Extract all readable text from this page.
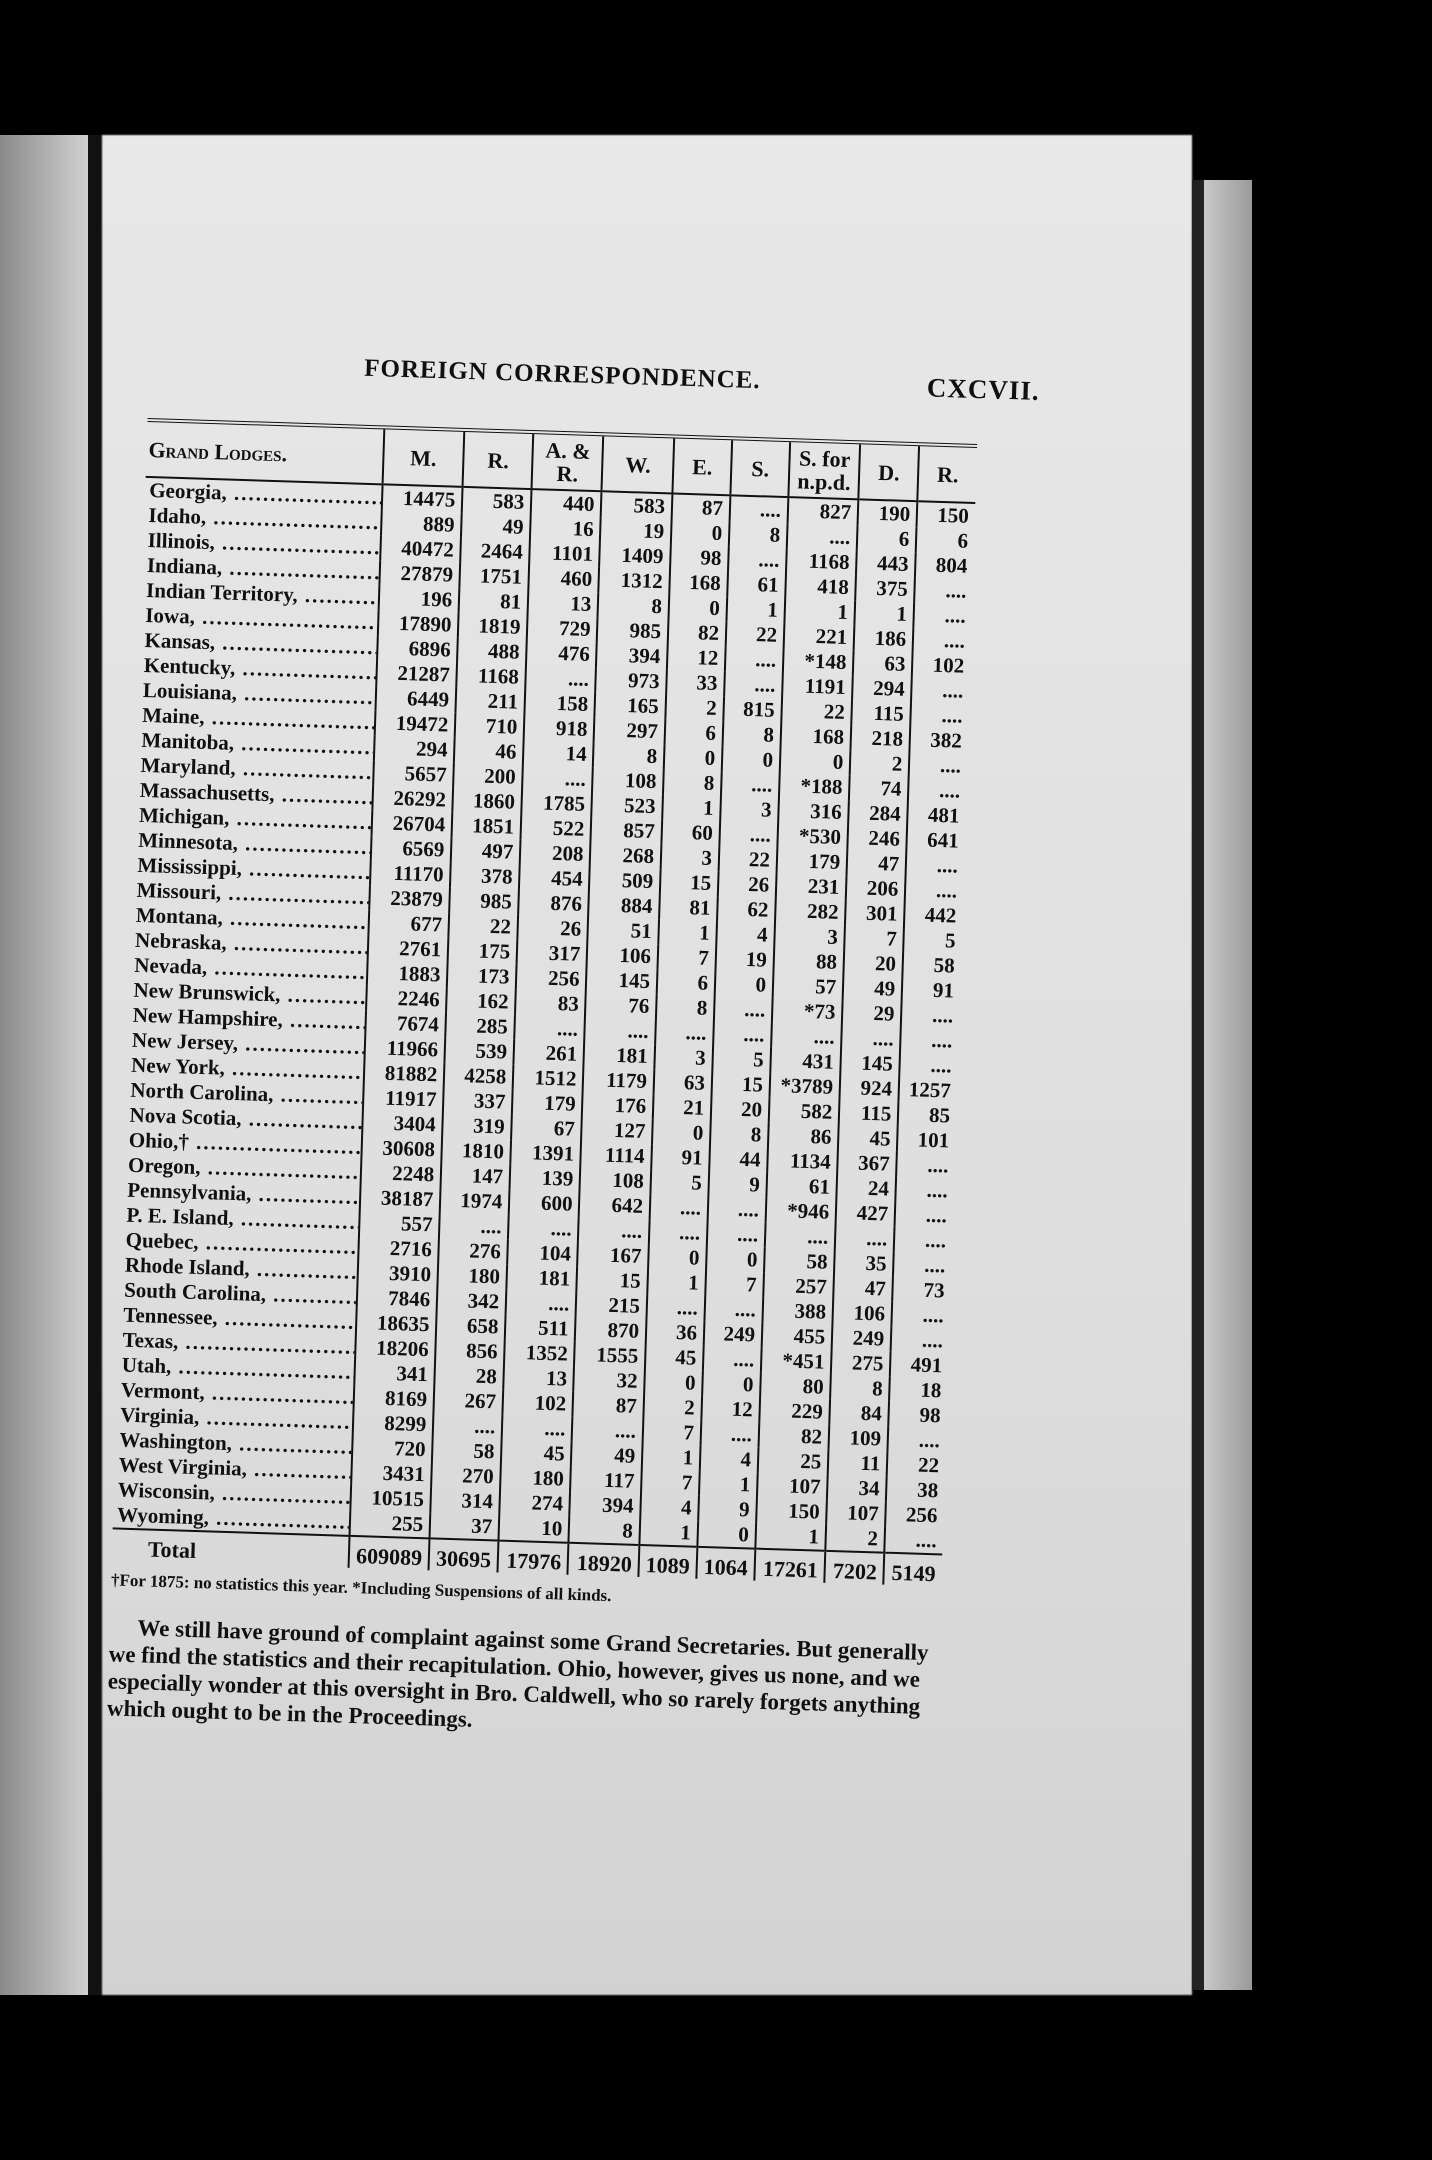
FOREIGN CORRESPONDENCE.	CXCVII.
Grand Lodges.	M.	R.	A. & R.	W.	E.	S.	S. for n.p.d.	D.	R.
Georgia, .....	14475	583	440	583	87	....	827	190	150
Idaho, .....	889	49	16	19	0	8	....	6	6
Illinois, .....	40472	2464	1101	1409	98	....	1168	443	804
Indiana, .....	27879	1751	460	1312	168	61	418	375	....
Indian Territory, .....	196	81	13	8	0	1	1	1	....
Iowa, .....	17890	1819	729	985	82	22	221	186	....
Kansas, .....	6896	488	476	394	12	....	*148	63	102
Kentucky, .....	21287	1168	....	973	33	....	1191	294	....
Louisiana, .....	6449	211	158	165	2	815	22	115	....
Maine, .....	19472	710	918	297	6	8	168	218	382
Manitoba, .....	294	46	14	8	0	0	0	2	....
Maryland, .....	5657	200	....	108	8	....	*188	74	....
Massachusetts, .....	26292	1860	1785	523	1	3	316	284	481
Michigan, .....	26704	1851	522	857	60	....	*530	246	641
Minnesota, .....	6569	497	208	268	3	22	179	47	....
Mississippi, .....	11170	378	454	509	15	26	231	206	....
Missouri, .....	23879	985	876	884	81	62	282	301	442
Montana, .....	677	22	26	51	1	4	3	7	5
Nebraska, .....	2761	175	317	106	7	19	88	20	58
Nevada, .....	1883	173	256	145	6	0	57	49	91
New Brunswick, .....	2246	162	83	76	8	....	*73	29	....
New Hampshire, .....	7674	285	....	....	....	....	....	....	....
New Jersey, .....	11966	539	261	181	3	5	431	145	....
New York, .....	81882	4258	1512	1179	63	15	*3789	924	1257
North Carolina, .....	11917	337	179	176	21	20	582	115	85
Nova Scotia, .....	3404	319	67	127	0	8	86	45	101
Ohio,† .....	30608	1810	1391	1114	91	44	1134	367	....
Oregon, .....	2248	147	139	108	5	9	61	24	....
Pennsylvania, .....	38187	1974	600	642	....	....	*946	427	....
P. E. Island, .....	557	....	....	....	....	....	....	....	....
Quebec, .....	2716	276	104	167	0	0	58	35	....
Rhode Island, .....	3910	180	181	15	1	7	257	47	73
South Carolina, .....	7846	342	....	215	....	....	388	106	....
Tennessee, .....	18635	658	511	870	36	249	455	249	....
Texas, .....	18206	856	1352	1555	45	....	*451	275	491
Utah, .....	341	28	13	32	0	0	80	8	18
Vermont, .....	8169	267	102	87	2	12	229	84	98
Virginia, .....	8299	....	....	....	7	....	82	109	....
Washington, .....	720	58	45	49	1	4	25	11	22
West Virginia, .....	3431	270	180	117	7	1	107	34	38
Wisconsin, .....	10515	314	274	394	4	9	150	107	256
Wyoming, .....	255	37	10	8	1	0	1	2	....
Total	609089	30695	17976	18920	1089	1064	17261	7202	5149
†For 1875: no statistics this year. *Including Suspensions of all kinds.

We still have ground of complaint against some Grand Secretaries. But generally we find the statistics and their recapitulation. Ohio, however, gives us none, and we especially wonder at this oversight in Bro. Caldwell, who so rarely forgets anything which ought to be in the Proceedings.
